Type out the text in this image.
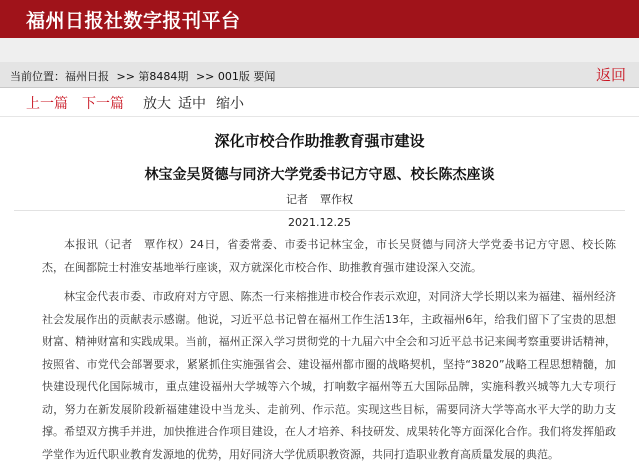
福州日报社数字报刊平台
当前位置：福州日报 >> 第8484期 >> 001版 要闻	返回
上一篇 下一篇 放大 适中 缩小
深化市校合作助推教育强市建设
林宝金吴贤德与同济大学党委书记方守恩、校长陈杰座谈
记者 覃作权
2021.12.25

本报讯（记者　覃作权）24日，省委常委、市委书记林宝金，市长吴贤德与同济大学党委书记方守恩、校长陈杰，在闽都院士村淮安基地举行座谈，双方就深化市校合作、助推教育强市建设深入交流。

林宝金代表市委、市政府对方守恩、陈杰一行来榕推进市校合作表示欢迎，对同济大学长期以来为福建、福州经济社会发展作出的贡献表示感谢。他说，习近平总书记曾在福州工作生活13年，主政福州6年，给我们留下了宝贵的思想财富、精神财富和实践成果。当前，福州正深入学习贯彻党的十九届六中全会和习近平总书记来闽考察重要讲话精神，按照省、市党代会部署要求，紧紧抓住实施强省会、建设福州都市圈的战略契机，坚持“3820”战略工程思想精髓，加快建设现代化国际城市，重点建设福州大学城等六个城，打响数字福州等五大国际品牌，实施科教兴城等九大专项行动，努力在新发展阶段新福建建设中当龙头、走前列、作示范。实现这些目标，需要同济大学等高水平大学的助力支撑。希望双方携手并进，加快推进合作项目建设，在人才培养、科技研发、成果转化等方面深化合作。我们将发挥船政学堂作为近代职业教育发源地的优势，用好同济大学优质职教资源，共同打造职业教育高质量发展的典范。
